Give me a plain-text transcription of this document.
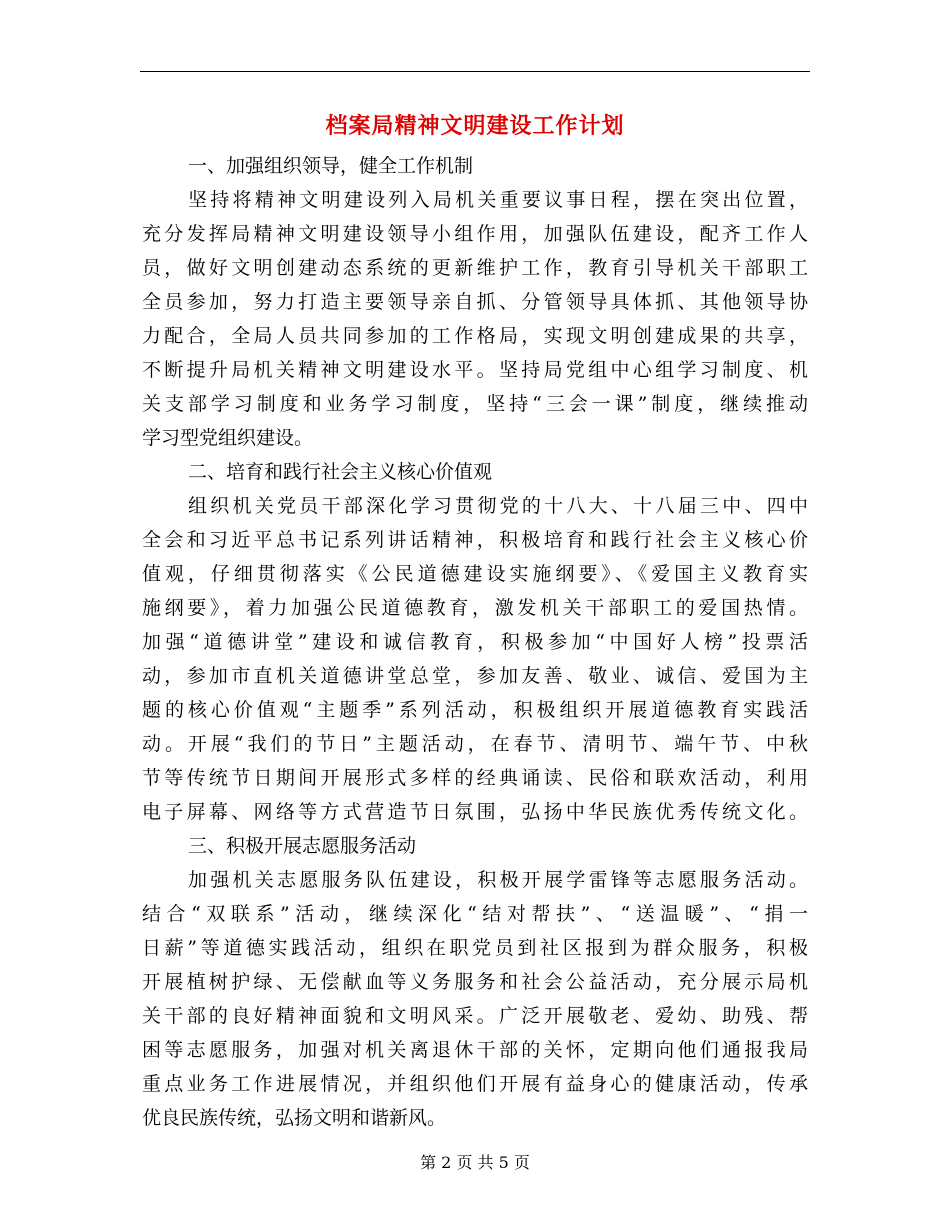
档案局精神文明建设工作计划
一、加强组织领导，健全工作机制
坚持将精神文明建设列入局机关重要议事日程，摆在突出位置，
充分发挥局精神文明建设领导小组作用，加强队伍建设，配齐工作人
员，做好文明创建动态系统的更新维护工作，教育引导机关干部职工
全员参加，努力打造主要领导亲自抓、分管领导具体抓、其他领导协
力配合，全局人员共同参加的工作格局，实现文明创建成果的共享，
不断提升局机关精神文明建设水平。坚持局党组中心组学习制度、机
关支部学习制度和业务学习制度，坚持“三会一课”制度，继续推动
学习型党组织建设。
二、培育和践行社会主义核心价值观
组织机关党员干部深化学习贯彻党的十八大、十八届三中、四中
全会和习近平总书记系列讲话精神，积极培育和践行社会主义核心价
值观，仔细贯彻落实《公民道德建设实施纲要》、《爱国主义教育实
施纲要》，着力加强公民道德教育，激发机关干部职工的爱国热情。
加强“道德讲堂”建设和诚信教育，积极参加“中国好人榜”投票活
动，参加市直机关道德讲堂总堂，参加友善、敬业、诚信、爱国为主
题的核心价值观“主题季”系列活动，积极组织开展道德教育实践活
动。开展“我们的节日”主题活动，在春节、清明节、端午节、中秋
节等传统节日期间开展形式多样的经典诵读、民俗和联欢活动，利用
电子屏幕、网络等方式营造节日氛围，弘扬中华民族优秀传统文化。
三、积极开展志愿服务活动
加强机关志愿服务队伍建设，积极开展学雷锋等志愿服务活动。
结合“双联系”活动，继续深化“结对帮扶”、“送温暖”、“捐一
日薪”等道德实践活动，组织在职党员到社区报到为群众服务，积极
开展植树护绿、无偿献血等义务服务和社会公益活动，充分展示局机
关干部的良好精神面貌和文明风采。广泛开展敬老、爱幼、助残、帮
困等志愿服务，加强对机关离退休干部的关怀，定期向他们通报我局
重点业务工作进展情况，并组织他们开展有益身心的健康活动，传承
优良民族传统，弘扬文明和谐新风。
第 2 页 共 5 页
